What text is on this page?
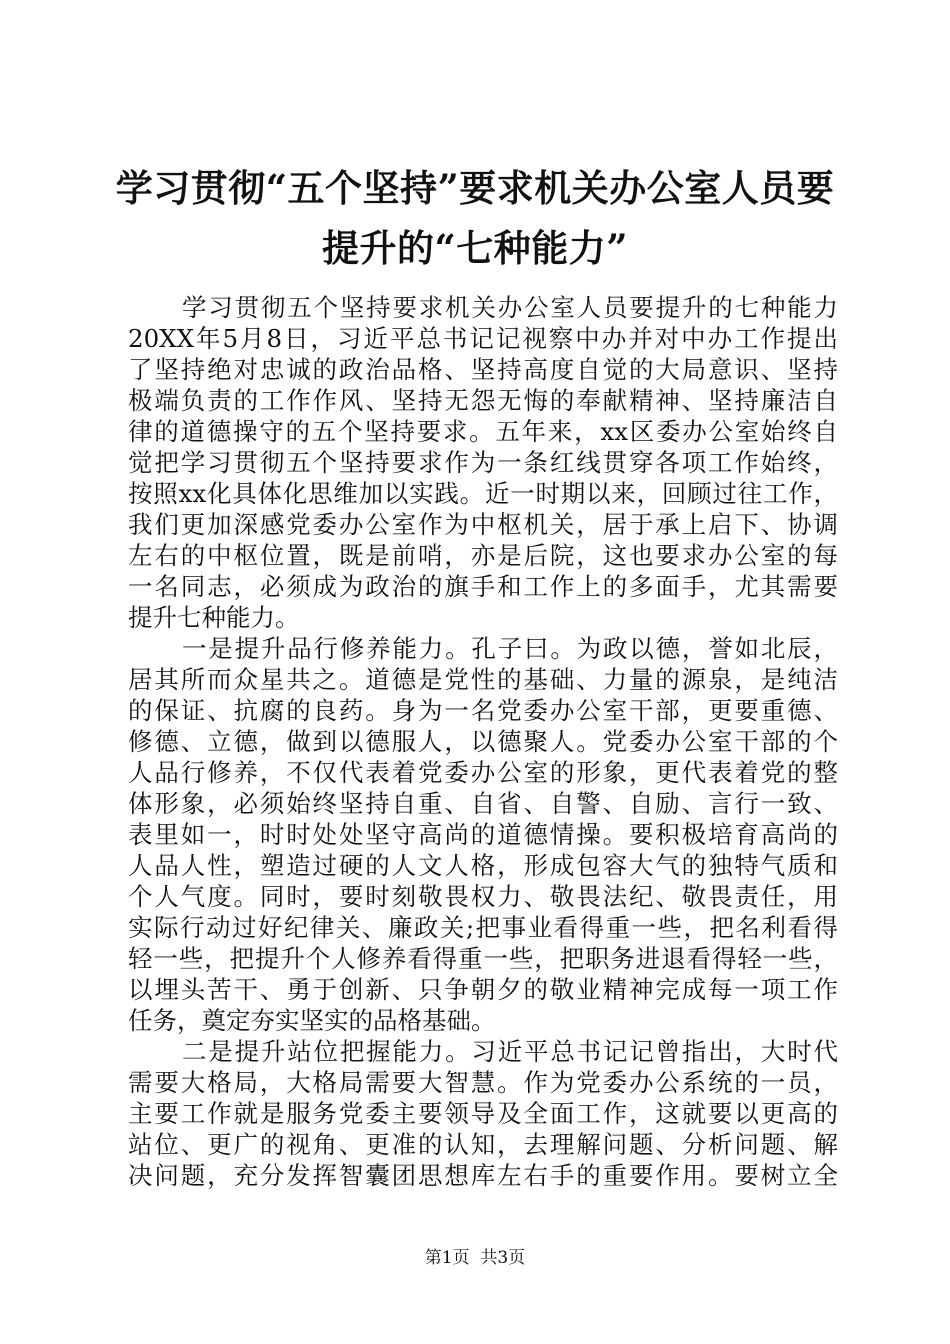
学习贯彻“五个坚持”要求机关办公室人员要
提升的“七种能力”
学习贯彻五个坚持要求机关办公室人员要提升的七种能力
20XX年5月8日，习近平总书记记视察中办并对中办工作提出
了坚持绝对忠诚的政治品格、坚持高度自觉的大局意识、坚持
极端负责的工作作风、坚持无怨无悔的奉献精神、坚持廉洁自
律的道德操守的五个坚持要求。五年来，xx区委办公室始终自
觉把学习贯彻五个坚持要求作为一条红线贯穿各项工作始终，
按照xx化具体化思维加以实践。近一时期以来，回顾过往工作，
我们更加深感党委办公室作为中枢机关，居于承上启下、协调
左右的中枢位置，既是前哨，亦是后院，这也要求办公室的每
一名同志，必须成为政治的旗手和工作上的多面手，尤其需要
提升七种能力。
一是提升品行修养能力。孔子曰。为政以德，誉如北辰，
居其所而众星共之。道德是党性的基础、力量的源泉，是纯洁
的保证、抗腐的良药。身为一名党委办公室干部，更要重德、
修德、立德，做到以德服人，以德聚人。党委办公室干部的个
人品行修养，不仅代表着党委办公室的形象，更代表着党的整
体形象，必须始终坚持自重、自省、自警、自励、言行一致、
表里如一，时时处处坚守高尚的道德情操。要积极培育高尚的
人品人性，塑造过硬的人文人格，形成包容大气的独特气质和
个人气度。同时，要时刻敬畏权力、敬畏法纪、敬畏责任，用
实际行动过好纪律关、廉政关;把事业看得重一些，把名利看得
轻一些，把提升个人修养看得重一些，把职务进退看得轻一些，
以埋头苦干、勇于创新、只争朝夕的敬业精神完成每一项工作
任务，奠定夯实坚实的品格基础。
二是提升站位把握能力。习近平总书记记曾指出，大时代
需要大格局，大格局需要大智慧。作为党委办公系统的一员，
主要工作就是服务党委主要领导及全面工作，这就要以更高的
站位、更广的视角、更准的认知，去理解问题、分析问题、解
决问题，充分发挥智囊团思想库左右手的重要作用。要树立全
第1页  共3页
